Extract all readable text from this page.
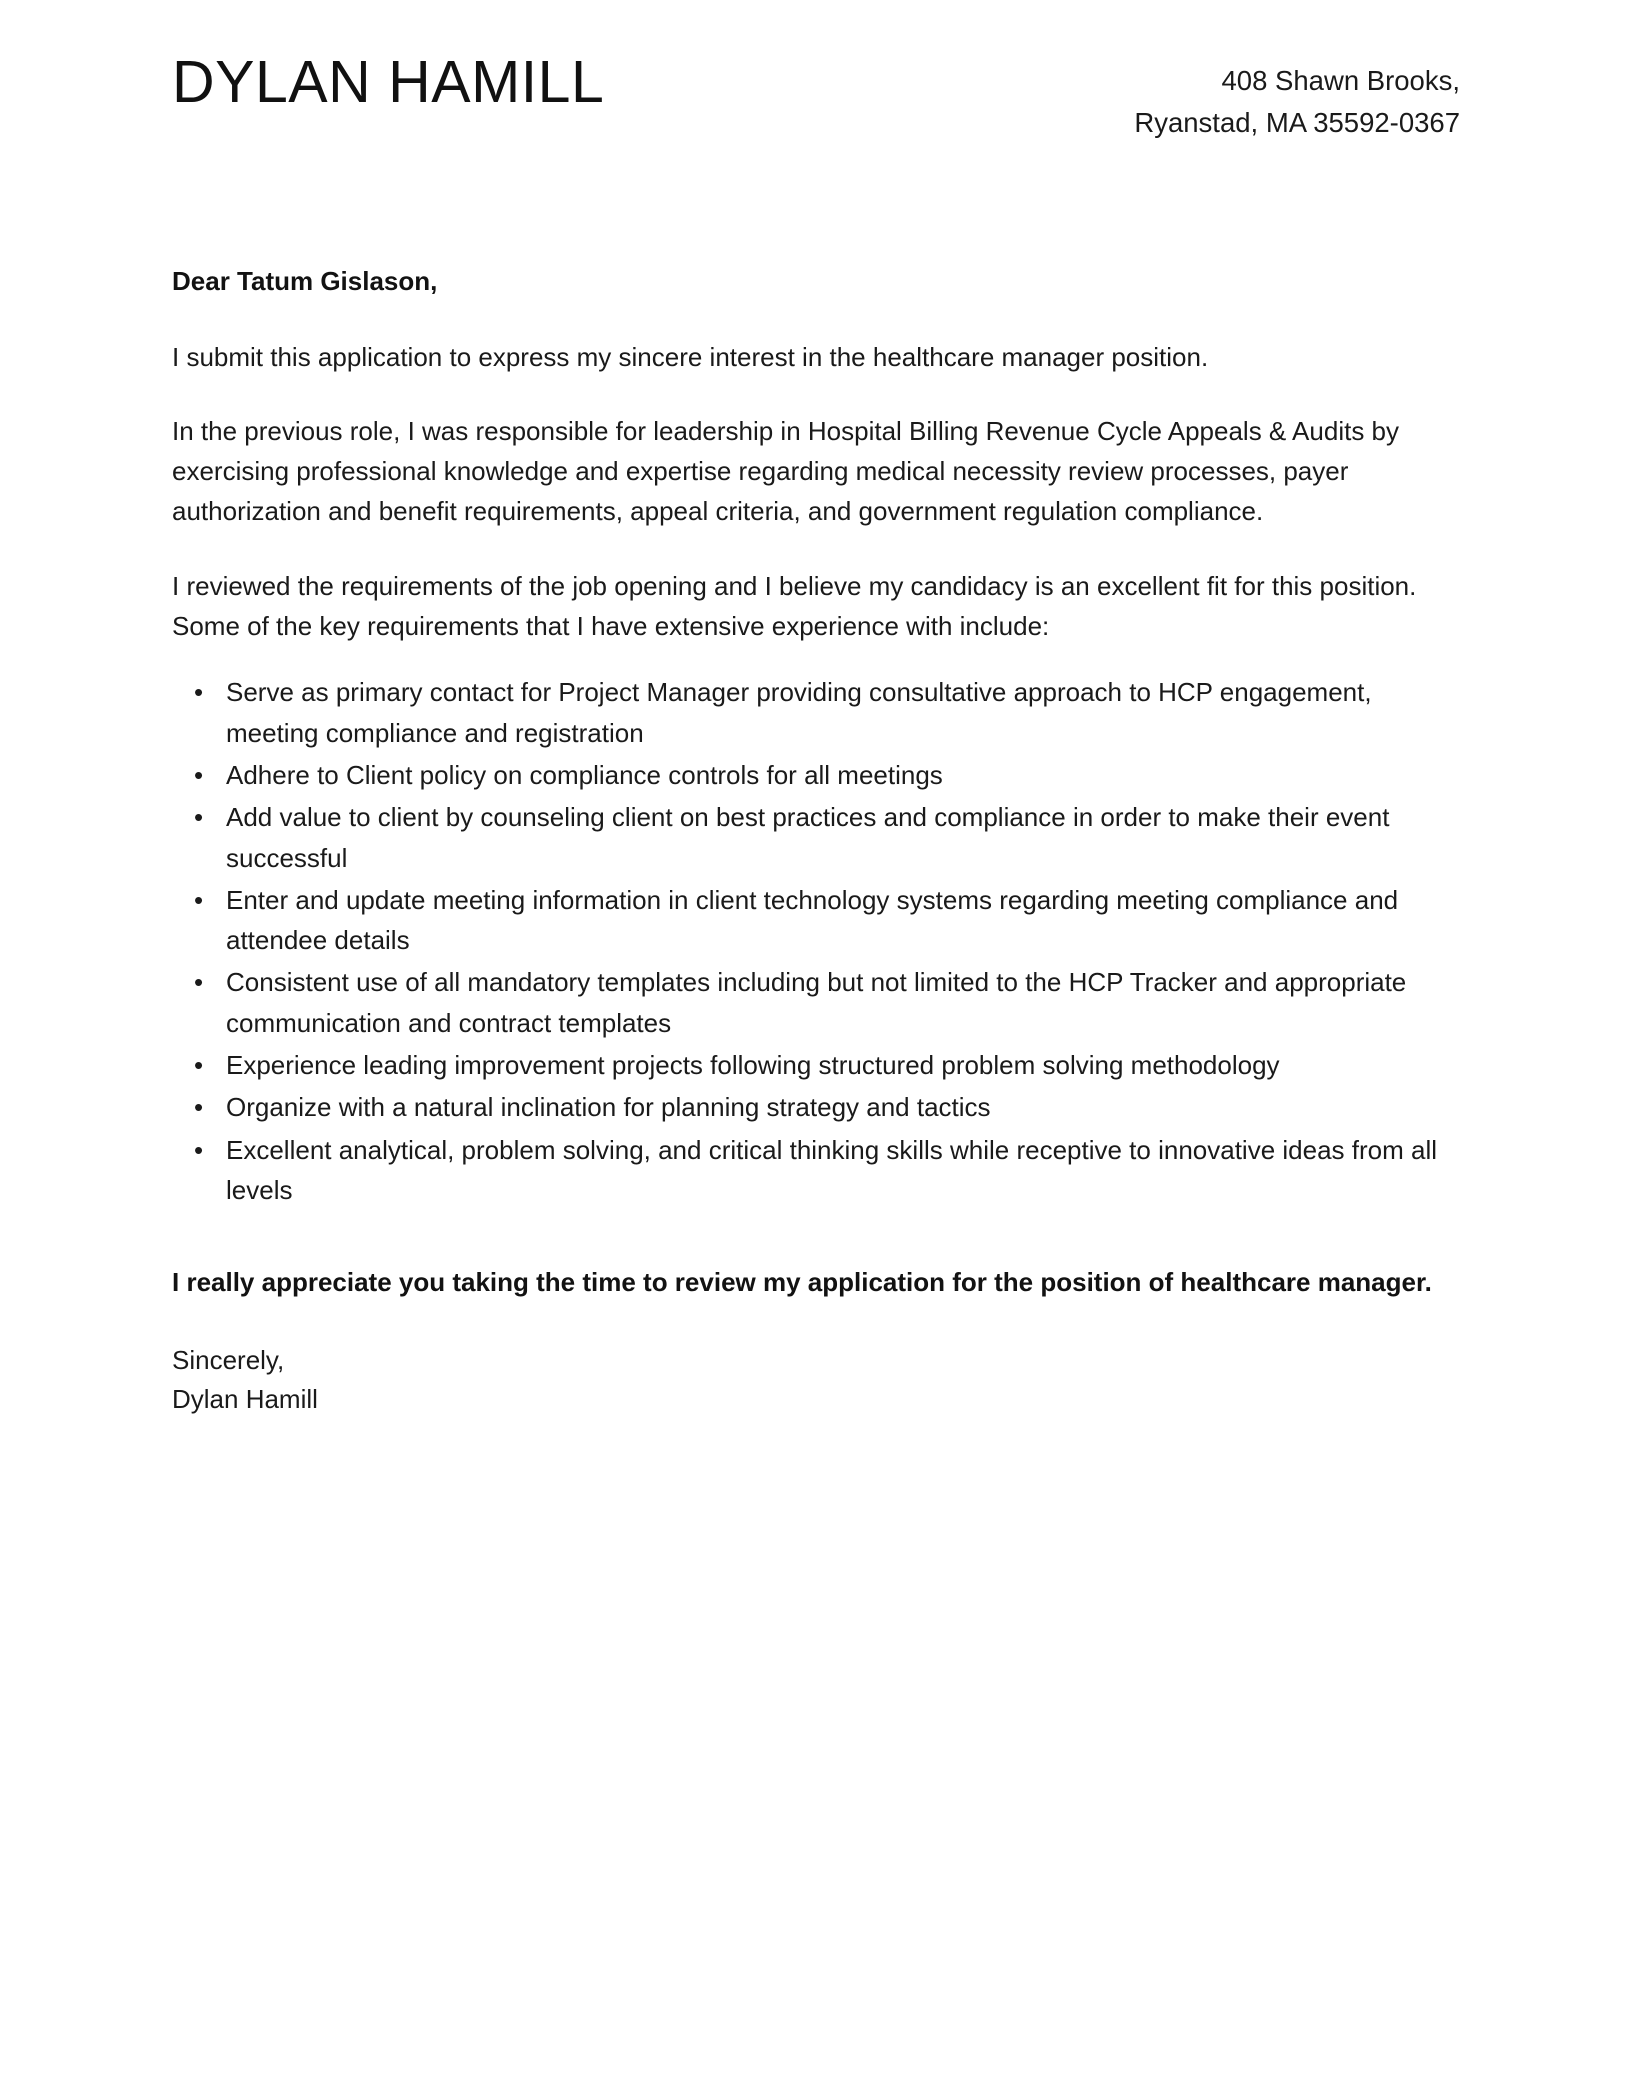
DYLAN HAMILL	408 Shawn Brooks,
Ryanstad, MA 35592-0367

Dear Tatum Gislason,

I submit this application to express my sincere interest in the healthcare manager position.

In the previous role, I was responsible for leadership in Hospital Billing Revenue Cycle Appeals & Audits by exercising professional knowledge and expertise regarding medical necessity review processes, payer authorization and benefit requirements, appeal criteria, and government regulation compliance.

I reviewed the requirements of the job opening and I believe my candidacy is an excellent fit for this position. Some of the key requirements that I have extensive experience with include:

• Serve as primary contact for Project Manager providing consultative approach to HCP engagement, meeting compliance and registration
• Adhere to Client policy on compliance controls for all meetings
• Add value to client by counseling client on best practices and compliance in order to make their event successful
• Enter and update meeting information in client technology systems regarding meeting compliance and attendee details
• Consistent use of all mandatory templates including but not limited to the HCP Tracker and appropriate communication and contract templates
• Experience leading improvement projects following structured problem solving methodology
• Organize with a natural inclination for planning strategy and tactics
• Excellent analytical, problem solving, and critical thinking skills while receptive to innovative ideas from all levels

I really appreciate you taking the time to review my application for the position of healthcare manager.

Sincerely,
Dylan Hamill
